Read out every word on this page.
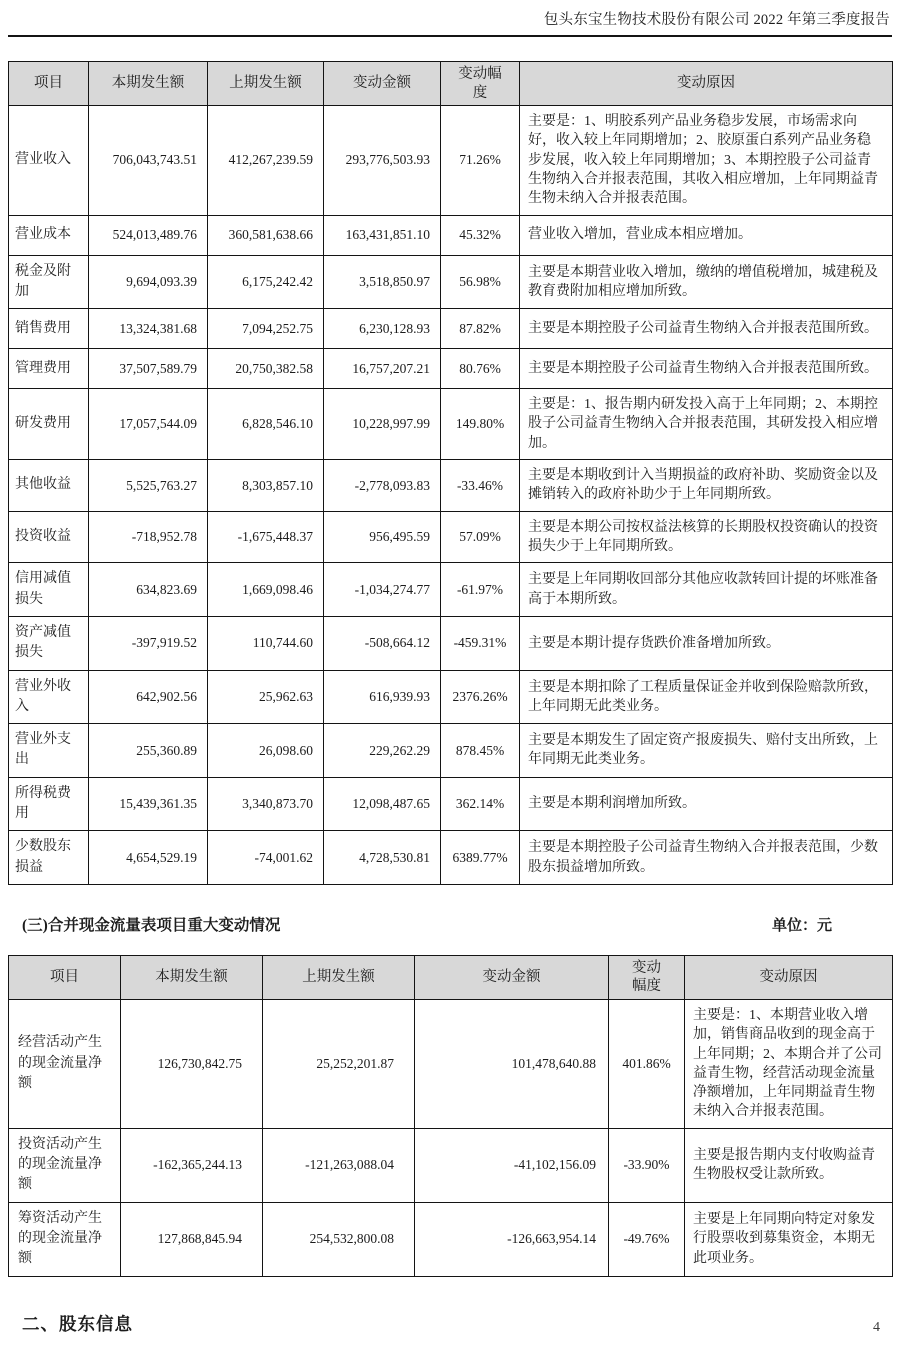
包头东宝生物技术股份有限公司 2022 年第三季度报告
项目	本期发生额	上期发生额	变动金额	变动幅度	变动原因
营业收入	706,043,743.51	412,267,239.59	293,776,503.93	71.26%	主要是：1、明胶系列产品业务稳步发展，市场需求向好，收入较上年同期增加；2、胶原蛋白系列产品业务稳步发展，收入较上年同期增加；3、本期控股子公司益青生物纳入合并报表范围，其收入相应增加，上年同期益青生物未纳入合并报表范围。
营业成本	524,013,489.76	360,581,638.66	163,431,851.10	45.32%	营业收入增加，营业成本相应增加。
税金及附加	9,694,093.39	6,175,242.42	3,518,850.97	56.98%	主要是本期营业收入增加，缴纳的增值税增加，城建税及教育费附加相应增加所致。
销售费用	13,324,381.68	7,094,252.75	6,230,128.93	87.82%	主要是本期控股子公司益青生物纳入合并报表范围所致。
管理费用	37,507,589.79	20,750,382.58	16,757,207.21	80.76%	主要是本期控股子公司益青生物纳入合并报表范围所致。
研发费用	17,057,544.09	6,828,546.10	10,228,997.99	149.80%	主要是：1、报告期内研发投入高于上年同期；2、本期控股子公司益青生物纳入合并报表范围，其研发投入相应增加。
其他收益	5,525,763.27	8,303,857.10	-2,778,093.83	-33.46%	主要是本期收到计入当期损益的政府补助、奖励资金以及摊销转入的政府补助少于上年同期所致。
投资收益	-718,952.78	-1,675,448.37	956,495.59	57.09%	主要是本期公司按权益法核算的长期股权投资确认的投资损失少于上年同期所致。
信用减值损失	634,823.69	1,669,098.46	-1,034,274.77	-61.97%	主要是上年同期收回部分其他应收款转回计提的坏账准备高于本期所致。
资产减值损失	-397,919.52	110,744.60	-508,664.12	-459.31%	主要是本期计提存货跌价准备增加所致。
营业外收入	642,902.56	25,962.63	616,939.93	2376.26%	主要是本期扣除了工程质量保证金并收到保险赔款所致，上年同期无此类业务。
营业外支出	255,360.89	26,098.60	229,262.29	878.45%	主要是本期发生了固定资产报废损失、赔付支出所致，上年同期无此类业务。
所得税费用	15,439,361.35	3,340,873.70	12,098,487.65	362.14%	主要是本期利润增加所致。
少数股东损益	4,654,529.19	-74,001.62	4,728,530.81	6389.77%	主要是本期控股子公司益青生物纳入合并报表范围，少数股东损益增加所致。
(三)合并现金流量表项目重大变动情况	单位：元
项目	本期发生额	上期发生额	变动金额	变动幅度	变动原因
经营活动产生的现金流量净额	126,730,842.75	25,252,201.87	101,478,640.88	401.86%	主要是：1、本期营业收入增加，销售商品收到的现金高于上年同期；2、本期合并了公司益青生物，经营活动现金流量净额增加，上年同期益青生物未纳入合并报表范围。
投资活动产生的现金流量净额	-162,365,244.13	-121,263,088.04	-41,102,156.09	-33.90%	主要是报告期内支付收购益青生物股权受让款所致。
筹资活动产生的现金流量净额	127,868,845.94	254,532,800.08	-126,663,954.14	-49.76%	主要是上年同期向特定对象发行股票收到募集资金，本期无此项业务。
二、股东信息	4
